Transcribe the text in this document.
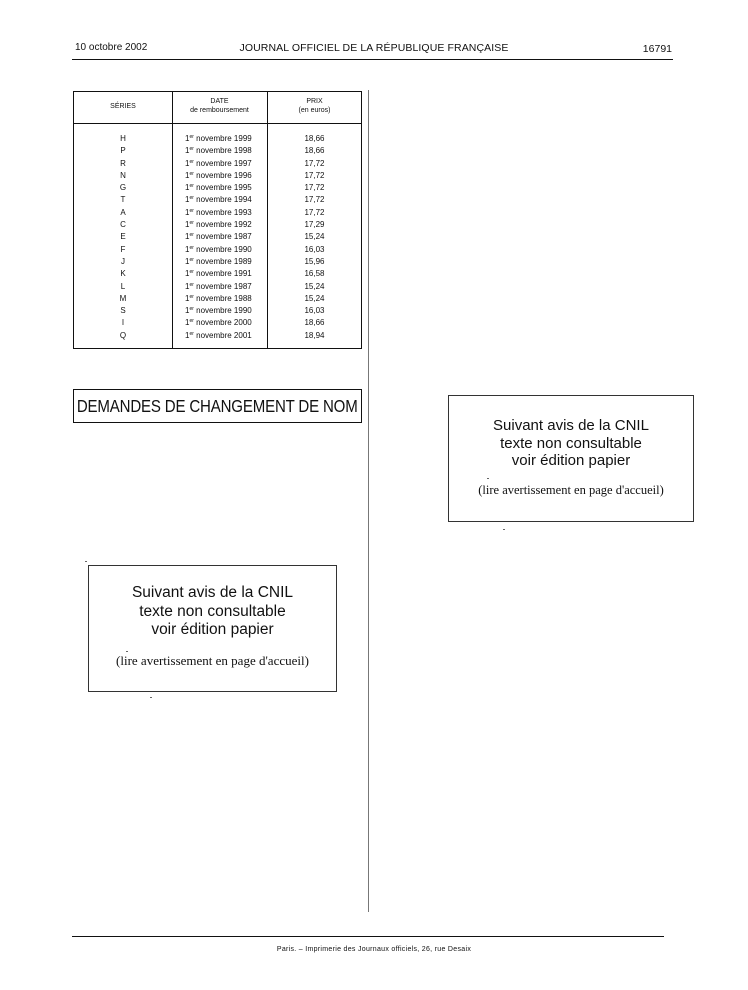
10 octobre 2002	JOURNAL OFFICIEL DE LA RÉPUBLIQUE FRANÇAISE	16791
SÉRIES
DATE
de remboursement
PRIX
(en euros)
H	1er novembre 1999	18,66
P	1er novembre 1998	18,66
R	1er novembre 1997	17,72
N	1er novembre 1996	17,72
G	1er novembre 1995	17,72
T	1er novembre 1994	17,72
A	1er novembre 1993	17,72
C	1er novembre 1992	17,29
E	1er novembre 1987	15,24
F	1er novembre 1990	16,03
J	1er novembre 1989	15,96
K	1er novembre 1991	16,58
L	1er novembre 1987	15,24
M	1er novembre 1988	15,24
S	1er novembre 1990	16,03
I	1er novembre 2000	18,66
Q	1er novembre 2001	18,94
DEMANDES DE CHANGEMENT DE NOM
Suivant avis de la CNIL
texte non consultable
voir édition papier
(lire avertissement en page d'accueil)
Suivant avis de la CNIL
texte non consultable
voir édition papier
(lire avertissement en page d'accueil)
Paris. – Imprimerie des Journaux officiels, 26, rue Desaix
